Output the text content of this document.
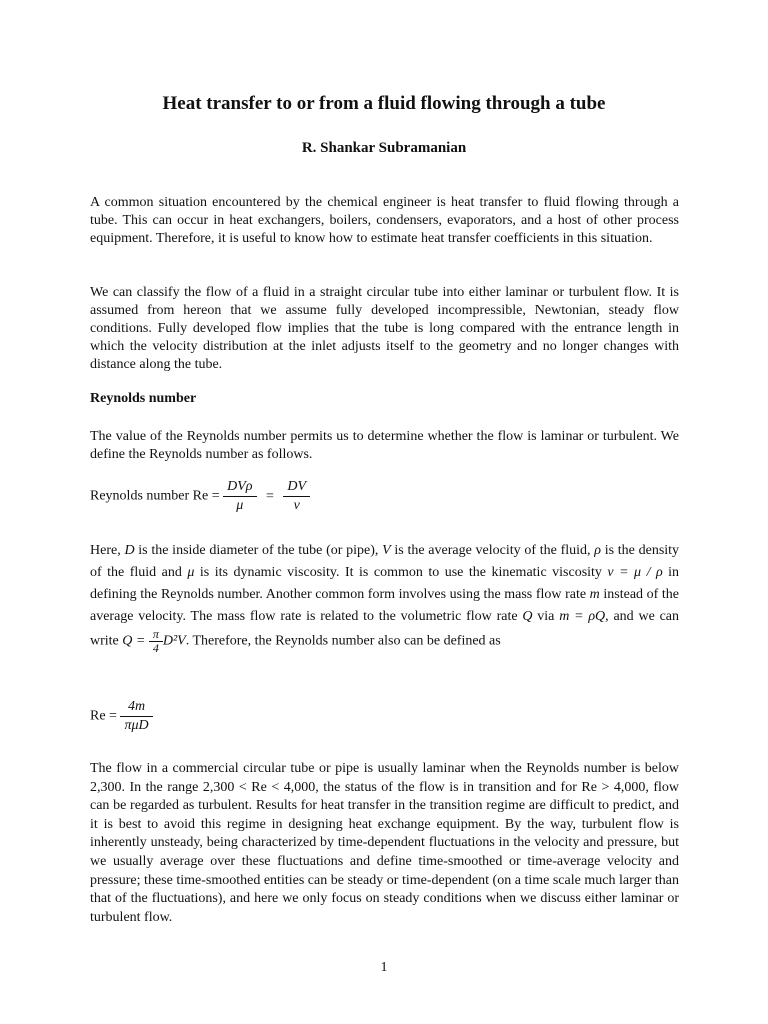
Heat transfer to or from a fluid flowing through a tube
R. Shankar Subramanian

A common situation encountered by the chemical engineer is heat transfer to fluid flowing through a tube. This can occur in heat exchangers, boilers, condensers, evaporators, and a host of other process equipment. Therefore, it is useful to know how to estimate heat transfer coefficients in this situation.

We can classify the flow of a fluid in a straight circular tube into either laminar or turbulent flow. It is assumed from hereon that we assume fully developed incompressible, Newtonian, steady flow conditions. Fully developed flow implies that the tube is long compared with the entrance length in which the velocity distribution at the inlet adjusts itself to the geometry and no longer changes with distance along the tube.

Reynolds number

The value of the Reynolds number permits us to determine whether the flow is laminar or turbulent. We define the Reynolds number as follows.

Reynolds number $Re = \frac{\text{DVρ}}{\mu} = \frac{DV}{\nu}$

Here, D is the inside diameter of the tube (or pipe), V is the average velocity of the fluid, ρ is the density of the fluid and μ is its dynamic viscosity. It is common to use the kinematic viscosity ν = μ / ρ in defining the Reynolds number. Another common form involves using the mass flow rate m instead of the average velocity. The mass flow rate is related to the volumetric flow rate Q via m = ρQ, and we can write $Q = \frac{\pi}{4} D^2V$. Therefore, the Reynolds number also can be defined as

$Re = \frac{4m}{\text{πμD}}$

The flow in a commercial circular tube or pipe is usually laminar when the Reynolds number is below 2,300. In the range 2,300 < Re < 4,000, the status of the flow is in transition and for Re > 4,000, flow can be regarded as turbulent. Results for heat transfer in the transition regime are difficult to predict, and it is best to avoid this regime in designing heat exchange equipment. By the way, turbulent flow is inherently unsteady, being characterized by time-dependent fluctuations in the velocity and pressure, but we usually average over these fluctuations and define time-smoothed or time-average velocity and pressure; these time-smoothed entities can be steady or time-dependent (on a time scale much larger than that of the fluctuations), and here we only focus on steady conditions when we discuss either laminar or turbulent flow.

1
